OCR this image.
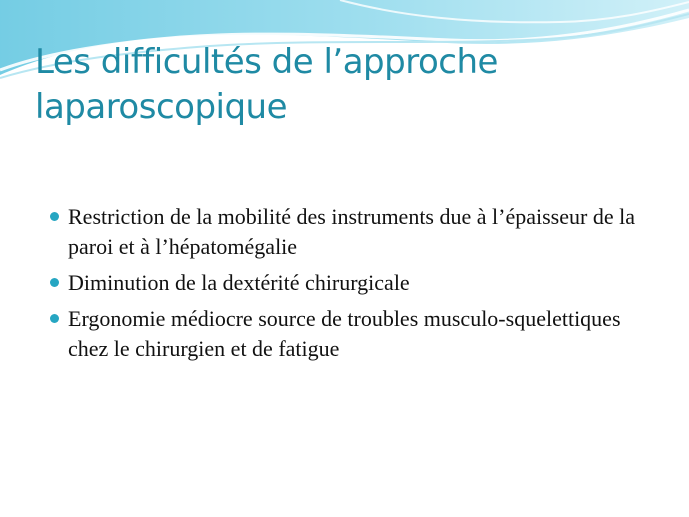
Les difficultés de l’approche laparoscopique
Restriction de la mobilité des instruments due à l’épaisseur de la paroi et à l’hépatomégalie
Diminution de la dextérité chirurgicale
Ergonomie médiocre source de troubles musculo-squelettiques chez le chirurgien et de fatigue
